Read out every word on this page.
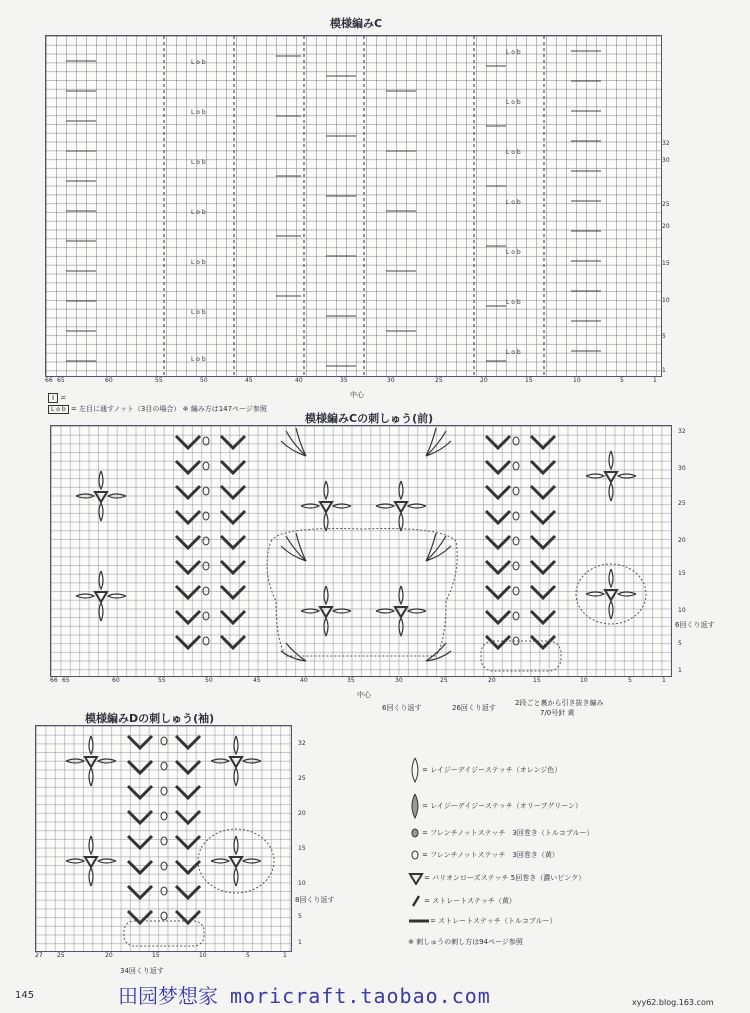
模様編みC
L o b
L o b
L o b
L o b
L o b
L o b
L o b
L o b
L o b
L o b
L o b
L o b
L o b
L o b
32
30
25
20
15
10
5
1
66 65	60	55	50	45	40	35	30	25	20	15	10	5	1
中心
I =
L o b = 左目に通すノット（3目の場合） ※ 編み方は147ページ参照
模様編みCの刺しゅう(前)
32
30
25
20
15
10
5
1
6回くり返す
66 65	60	55	50	45	40	35	30	25	20	15	10	5	1
中心
6回くり返す	26回くり返す
2段ごと裏から引き抜き編み
7/0号針 黄
模様編みDの刺しゅう(袖)
32
25
20
15
10
5
1
8回くり返す
27 25	20	15	10	5	1
34回くり返す
= レイジーデイジーステッチ（オレンジ色）
= レイジーデイジーステッチ（オリーブグリーン）
= フレンチノットステッチ　3回巻き（トルコブルー）
= フレンチノットステッチ　3回巻き（黄）
= バリオンローズステッチ 5回巻き（濃いピンク）
= ストレートステッチ（黄）
= ストレートステッチ（トルコブルー）
※ 刺しゅうの刺し方は94ページ参照
145	田园梦想家 moricraft.taobao.com	xyy62.blog.163.com
